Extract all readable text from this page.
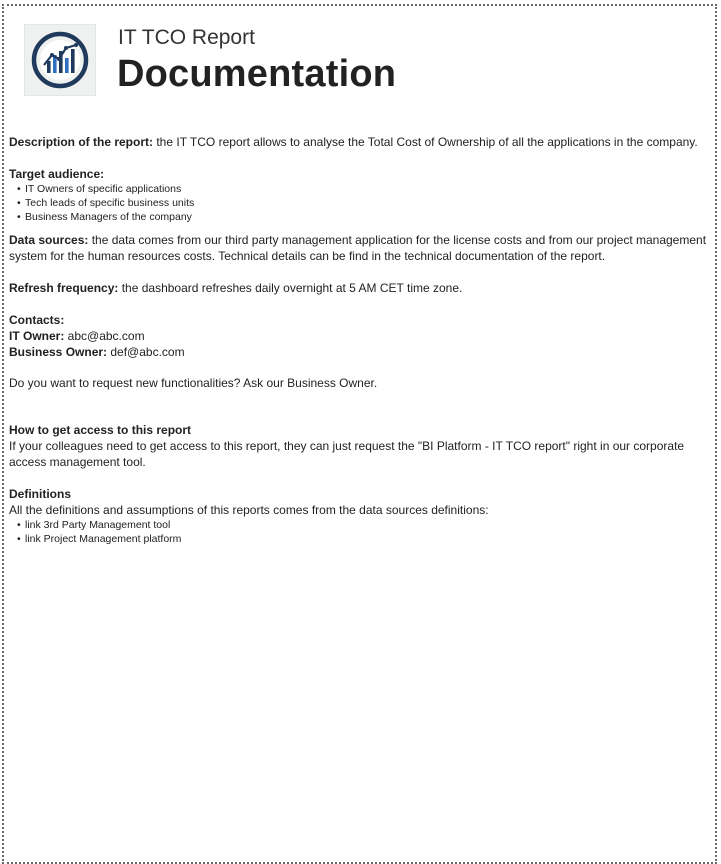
IT TCO Report
Documentation

Description of the report: the IT TCO report allows to analyse the Total Cost of Ownership of all the applications in the company.

Target audience:

• IT Owners of specific applications
• Tech leads of specific business units
• Business Managers of the company

Data sources: the data comes from our third party management application for the license costs and from our project management system for the human resources costs. Technical details can be find in the technical documentation of the report.

Refresh frequency: the dashboard refreshes daily overnight at 5 AM CET time zone.

Contacts:

IT Owner: abc@abc.com

Business Owner: def@abc.com

Do you want to request new functionalities? Ask our Business Owner.

How to get access to this report

If your colleagues need to get access to this report, they can just request the "BI Platform - IT TCO report" right in our corporate access management tool.

Definitions

All the definitions and assumptions of this reports comes from the data sources definitions:

• link 3rd Party Management tool
• link Project Management platform
